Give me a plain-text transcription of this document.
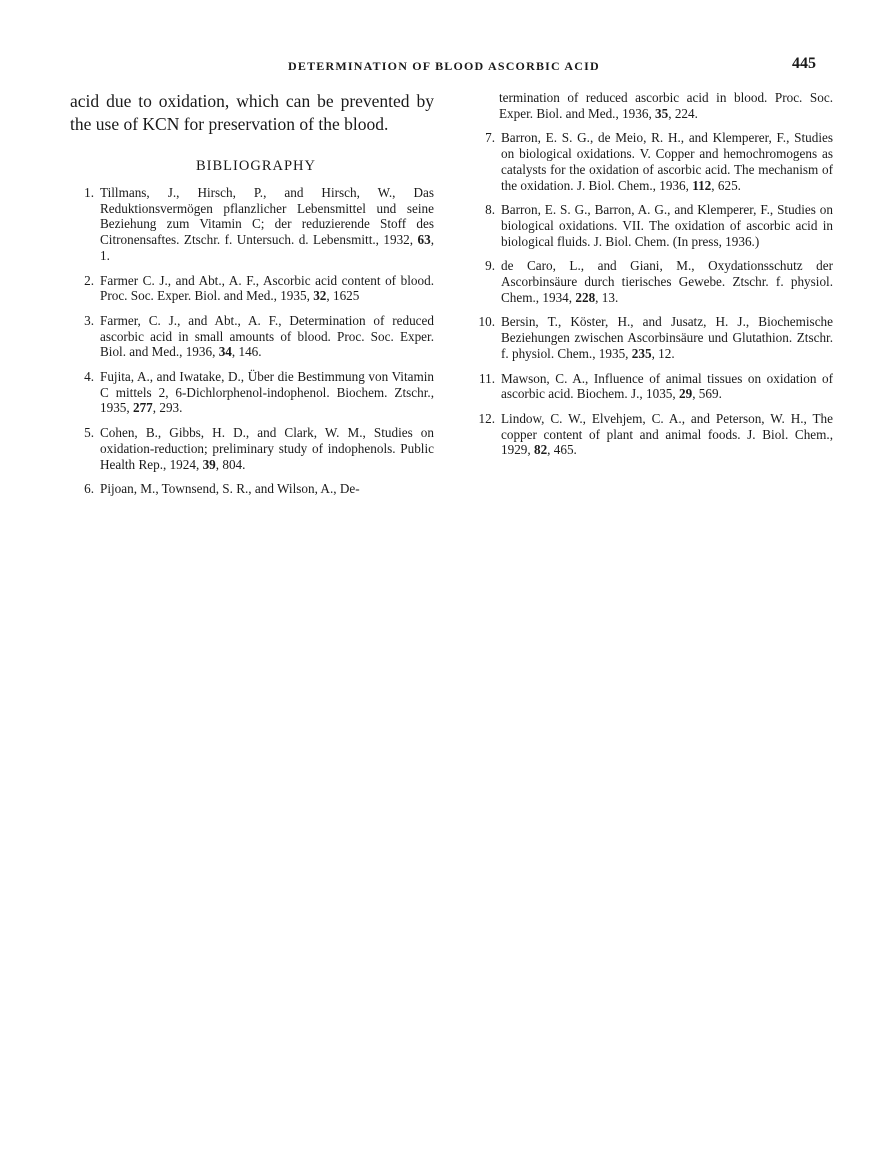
DETERMINATION OF BLOOD ASCORBIC ACID	445

acid due to oxidation, which can be prevented by the use of KCN for preservation of the blood.

BIBLIOGRAPHY
1. Tillmans, J., Hirsch, P., and Hirsch, W., Das Reduktionsvermögen pflanzlicher Lebensmittel und seine Beziehung zum Vitamin C; der reduzierende Stoff des Citronensaftes. Ztschr. f. Untersuch. d. Lebensmitt., 1932, 63, 1.
2. Farmer C. J., and Abt., A. F., Ascorbic acid content of blood. Proc. Soc. Exper. Biol. and Med., 1935, 32, 1625
3. Farmer, C. J., and Abt., A. F., Determination of reduced ascorbic acid in small amounts of blood. Proc. Soc. Exper. Biol. and Med., 1936, 34, 146.
4. Fujita, A., and Iwatake, D., Über die Bestimmung von Vitamin C mittels 2, 6-Dichlorphenol-indophenol. Biochem. Ztschr., 1935, 277, 293.
5. Cohen, B., Gibbs, H. D., and Clark, W. M., Studies on oxidation-reduction; preliminary study of indophenols. Public Health Rep., 1924, 39, 804.
6. Pijoan, M., Townsend, S. R., and Wilson, A., De-
termination of reduced ascorbic acid in blood. Proc. Soc. Exper. Biol. and Med., 1936, 35, 224.
7. Barron, E. S. G., de Meio, R. H., and Klemperer, F., Studies on biological oxidations. V. Copper and hemochromogens as catalysts for the oxidation of ascorbic acid. The mechanism of the oxidation. J. Biol. Chem., 1936, 112, 625.
8. Barron, E. S. G., Barron, A. G., and Klemperer, F., Studies on biological oxidations. VII. The oxidation of ascorbic acid in biological fluids. J. Biol. Chem. (In press, 1936.)
9. de Caro, L., and Giani, M., Oxydationsschutz der Ascorbinsäure durch tierisches Gewebe. Ztschr. f. physiol. Chem., 1934, 228, 13.
10. Bersin, T., Köster, H., and Jusatz, H. J., Biochemische Beziehungen zwischen Ascorbinsäure und Glutathion. Ztschr. f. physiol. Chem., 1935, 235, 12.
11. Mawson, C. A., Influence of animal tissues on oxidation of ascorbic acid. Biochem. J., 1035, 29, 569.
12. Lindow, C. W., Elvehjem, C. A., and Peterson, W. H., The copper content of plant and animal foods. J. Biol. Chem., 1929, 82, 465.
